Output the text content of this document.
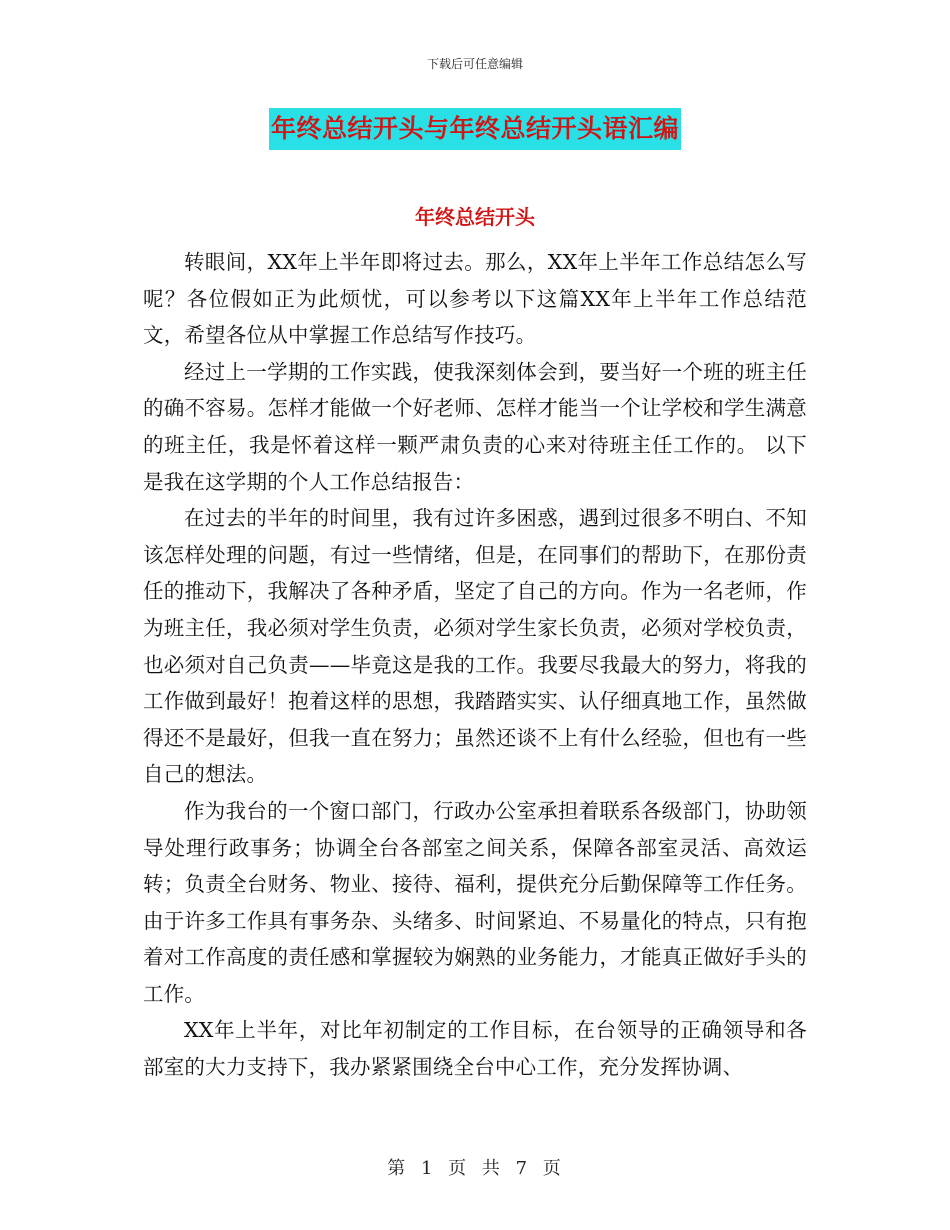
下载后可任意编辑
年终总结开头与年终总结开头语汇编
年终总结开头

转眼间，XX年上半年即将过去。那么，XX年上半年工作总结怎么写呢？各位假如正为此烦忧，可以参考以下这篇XX年上半年工作总结范文，希望各位从中掌握工作总结写作技巧。

经过上一学期的工作实践，使我深刻体会到，要当好一个班的班主任的确不容易。怎样才能做一个好老师、怎样才能当一个让学校和学生满意的班主任，我是怀着这样一颗严肃负责的心来对待班主任工作的。 以下是我在这学期的个人工作总结报告：

在过去的半年的时间里，我有过许多困惑，遇到过很多不明白、不知该怎样处理的问题，有过一些情绪，但是，在同事们的帮助下，在那份责任的推动下，我解决了各种矛盾，坚定了自己的方向。作为一名老师，作为班主任，我必须对学生负责，必须对学生家长负责，必须对学校负责，也必须对自己负责——毕竟这是我的工作。我要尽我最大的努力，将我的工作做到最好！抱着这样的思想，我踏踏实实、认仔细真地工作，虽然做得还不是最好，但我一直在努力；虽然还谈不上有什么经验，但也有一些自己的想法。

作为我台的一个窗口部门，行政办公室承担着联系各级部门，协助领导处理行政事务；协调全台各部室之间关系，保障各部室灵活、高效运转；负责全台财务、物业、接待、福利，提供充分后勤保障等工作任务。由于许多工作具有事务杂、头绪多、时间紧迫、不易量化的特点，只有抱着对工作高度的责任感和掌握较为娴熟的业务能力，才能真正做好手头的工作。

XX年上半年，对比年初制定的工作目标，在台领导的正确领导和各部室的大力支持下，我办紧紧围绕全台中心工作，充分发挥协调、

第 1 页 共 7 页
